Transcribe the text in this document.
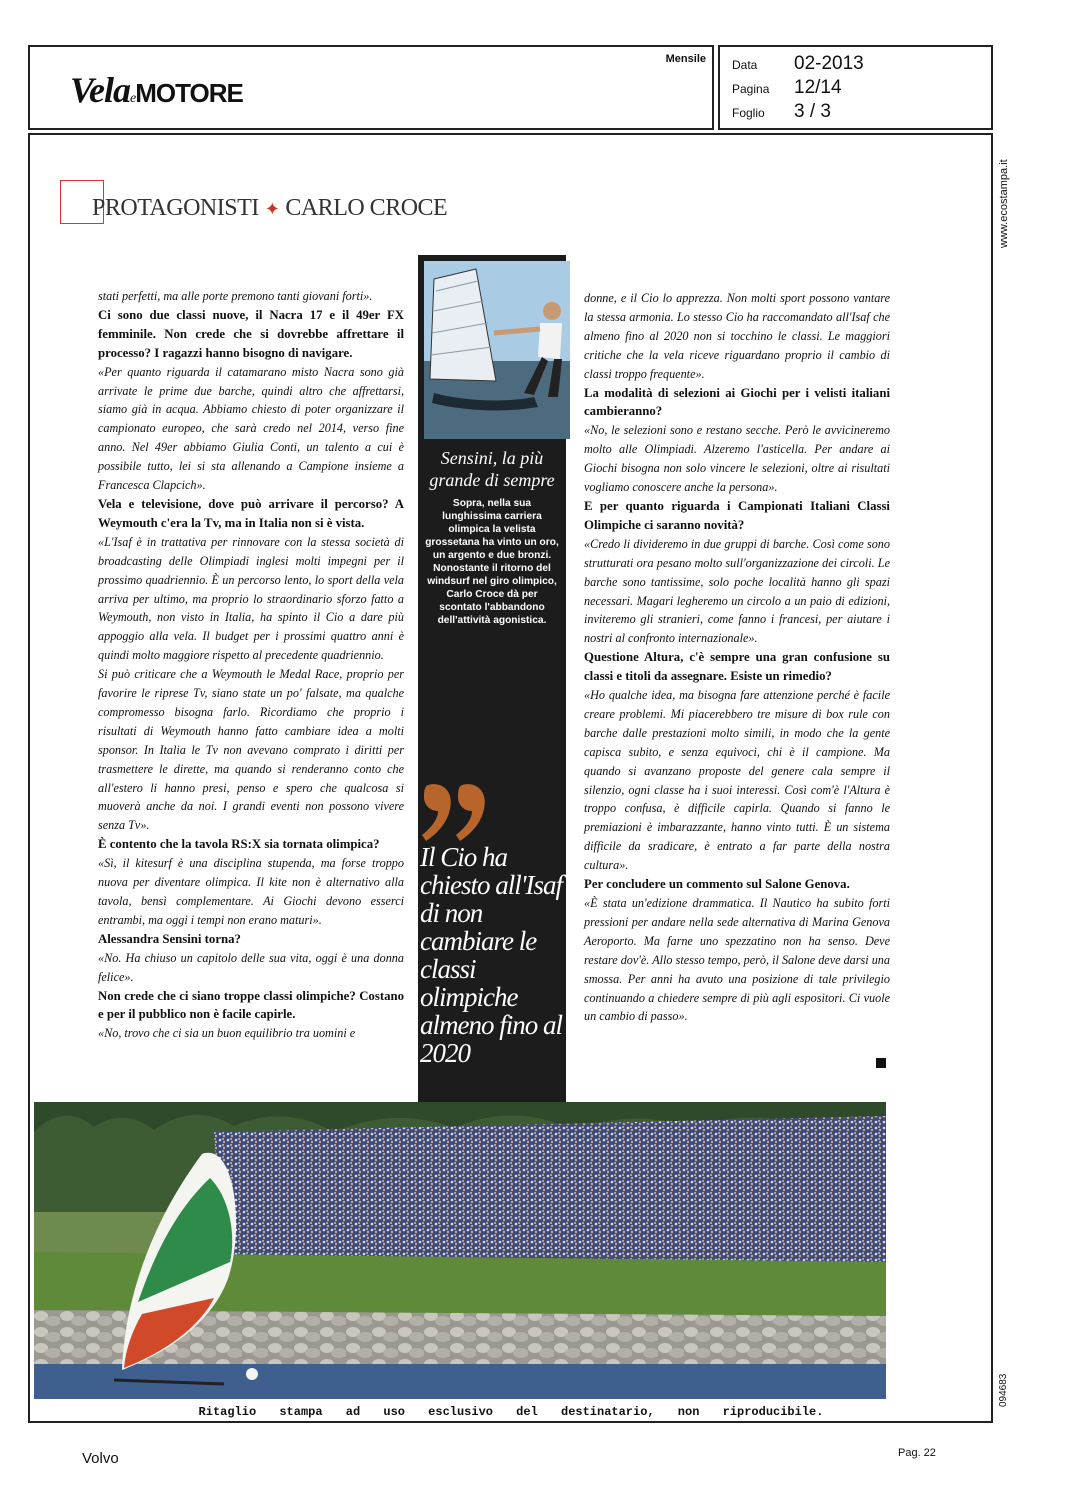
VelaeMOTORE
Mensile Data 02-2013
Pagina 12/14
Foglio 3 / 3
www.ecostampa.it
094683
PROTAGONISTI ✦ CARLO CROCE

stati perfetti, ma alle porte premono tanti giovani forti».

Ci sono due classi nuove, il Nacra 17 e il 49er FX femminile. Non crede che si dovrebbe affrettare il processo? I ragazzi hanno bisogno di navigare.

«Per quanto riguarda il catamarano misto Nacra sono già arrivate le prime due barche, quindi altro che affrettarsi, siamo già in acqua. Abbiamo chiesto di poter organizzare il campionato europeo, che sarà credo nel 2014, verso fine anno. Nel 49er abbiamo Giulia Conti, un talento a cui è possibile tutto, lei si sta allenando a Campione insieme a Francesca Clapcich».

Vela e televisione, dove può arrivare il percorso? A Weymouth c'era la Tv, ma in Italia non si è vista.

«L'Isaf è in trattativa per rinnovare con la stessa società di broadcasting delle Olimpiadi inglesi molti impegni per il prossimo quadriennio. È un percorso lento, lo sport della vela arriva per ultimo, ma proprio lo straordinario sforzo fatto a Weymouth, non visto in Italia, ha spinto il Cio a dare più appoggio alla vela. Il budget per i prossimi quattro anni è quindi molto maggiore rispetto al precedente quadriennio.

Si può criticare che a Weymouth le Medal Race, proprio per favorire le riprese Tv, siano state un po' falsate, ma qualche compromesso bisogna farlo. Ricordiamo che proprio i risultati di Weymouth hanno fatto cambiare idea a molti sponsor. In Italia le Tv non avevano comprato i diritti per trasmettere le dirette, ma quando si renderanno conto che all'estero li hanno presi, penso e spero che qualcosa si muoverà anche da noi. I grandi eventi non possono vivere senza Tv».

È contento che la tavola RS:X sia tornata olimpica?

«Sì, il kitesurf è una disciplina stupenda, ma forse troppo nuova per diventare olimpica. Il kite non è alternativo alla tavola, bensì complementare. Ai Giochi devono esserci entrambi, ma oggi i tempi non erano maturi».

Alessandra Sensini torna?

«No. Ha chiuso un capitolo delle sua vita, oggi è una donna felice».

Non crede che ci siano troppe classi olimpiche? Costano e per il pubblico non è facile capirle.

«No, trovo che ci sia un buon equilibrio tra uomini e

Sensini, la più grande di sempre
Sopra, nella sua lunghissima carriera olimpica la velista grossetana ha vinto un oro, un argento e due bronzi. Nonostante il ritorno del windsurf nel giro olimpico, Carlo Croce dà per scontato l'abbandono dell'attività agonistica.
Il Cio ha chiesto all'Isaf di non cambiare le classi olimpiche almeno fino al 2020

donne, e il Cio lo apprezza. Non molti sport possono vantare la stessa armonia. Lo stesso Cio ha raccomandato all'Isaf che almeno fino al 2020 non si tocchino le classi. Le maggiori critiche che la vela riceve riguardano proprio il cambio di classi troppo frequente».

La modalità di selezioni ai Giochi per i velisti italiani cambieranno?

«No, le selezioni sono e restano secche. Però le avvicineremo molto alle Olimpiadi. Alzeremo l'asticella. Per andare ai Giochi bisogna non solo vincere le selezioni, oltre ai risultati vogliamo conoscere anche la persona».

E per quanto riguarda i Campionati Italiani Classi Olimpiche ci saranno novità?

«Credo li divideremo in due gruppi di barche. Così come sono strutturati ora pesano molto sull'organizzazione dei circoli. Le barche sono tantissime, solo poche località hanno gli spazi necessari. Magari legheremo un circolo a un paio di edizioni, inviteremo gli stranieri, come fanno i francesi, per aiutare i nostri al confronto internazionale».

Questione Altura, c'è sempre una gran confusione su classi e titoli da assegnare. Esiste un rimedio?

«Ho qualche idea, ma bisogna fare attenzione perché è facile creare problemi. Mi piacerebbero tre misure di box rule con barche dalle prestazioni molto simili, in modo che la gente capisca subito, e senza equivoci, chi è il campione. Ma quando si avanzano proposte del genere cala sempre il silenzio, ogni classe ha i suoi interessi. Così com'è l'Altura è troppo confusa, è difficile capirla. Quando si fanno le premiazioni è imbarazzante, hanno vinto tutti. È un sistema difficile da sradicare, è entrato a far parte della nostra cultura».

Per concludere un commento sul Salone Genova.

«È stata un'edizione drammatica. Il Nautico ha subito forti pressioni per andare nella sede alternativa di Marina Genova Aeroporto. Ma farne uno spezzatino non ha senso. Deve restare dov'è. Allo stesso tempo, però, il Salone deve darsi una smossa. Per anni ha avuto una posizione di tale privilegio continuando a chiedere sempre di più agli espositori. Ci vuole un cambio di passo».

Ritaglio stampa ad uso esclusivo del destinatario, non riproducibile.
Volvo	Pag. 22
